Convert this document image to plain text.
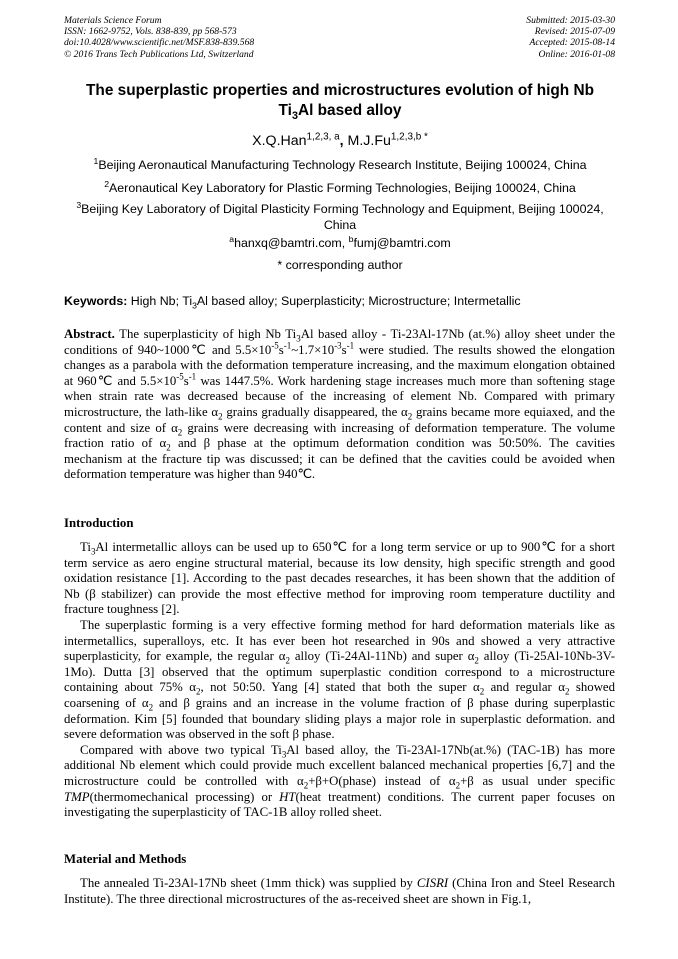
Materials Science Forum
ISSN: 1662-9752, Vols. 838-839, pp 568-573
doi:10.4028/www.scientific.net/MSF.838-839.568
© 2016 Trans Tech Publications Ltd, Switzerland
Submitted: 2015-03-30
Revised: 2015-07-09
Accepted: 2015-08-14
Online: 2016-01-08
The superplastic properties and microstructures evolution of high Nb
$Ti_3Al$ based alloy
X.Q.Han$^{1,2,3, a}$, $M.J.Fu^{1,2,3,b *}$
$^1$Beijing Aeronautical Manufacturing Technology Research Institute, Beijing 100024, China
$^2$Aeronautical Key Laboratory for Plastic Forming Technologies, Beijing 100024, China
$^3$Beijing Key Laboratory of Digital Plasticity Forming Technology and Equipment, Beijing 100024, China
$^a$hanxq@bamtri.com, $^b$fumj@bamtri.com
* corresponding author
Keywords: High Nb; $Ti_3Al$ based alloy; Superplasticity; Microstructure; Intermetallic
Abstract. The superplasticity of high Nb $Ti_3Al$ based alloy - Ti-23Al-17Nb (at.%) alloy sheet under the conditions of 940~1000℃ and $5.5\times 10^{-5}s^{-1}\sim 1.7\times 10^{-3}s^{-1}$ were studied. The results showed the elongation changes as a parabola with the deformation temperature increasing, and the maximum elongation obtained at 960℃ and $5.5\times 10^{-5}s^{-1}$ was 1447.5%. Work hardening stage increases much more than softening stage when strain rate was decreased because of the increasing of element Nb. Compared with primary microstructure, the lath-like $\alpha_2$ grains gradually disappeared, the $\alpha_2$ grains became more equiaxed, and the content and size of $\alpha_2$ grains were decreasing with increasing of deformation temperature. The volume fraction ratio of $\alpha_2$ and β phase at the optimum deformation condition was 50:50%. The cavities mechanism at the fracture tip was discussed; it can be defined that the cavities could be avoided when deformation temperature was higher than 940℃.
Introduction

$Ti_3Al$ intermetallic alloys can be used up to 650℃ for a long term service or up to 900℃ for a short term service as aero engine structural material, because its low density, high specific strength and good oxidation resistance [1]. According to the past decades researches, it has been shown that the addition of Nb (β stabilizer) can provide the most effective method for improving room temperature ductility and fracture toughness [2].

The superplastic forming is a very effective forming method for hard deformation materials like as intermetallics, superalloys, etc. It has ever been hot researched in 90s and showed a very attractive superplasticity, for example, the regular $\alpha_2$ alloy (Ti-24Al-11Nb) and super $\alpha_2$ alloy (Ti-25Al-10Nb-3V-1Mo). Dutta [3] observed that the optimum superplastic condition correspond to a microstructure containing about 75% $\alpha_2$, not 50:50. Yang [4] stated that both the super $\alpha_2$ and regular $\alpha_2$ showed coarsening of $\alpha_2$ and β grains and an increase in the volume fraction of β phase during superplastic deformation. Kim [5] founded that boundary sliding plays a major role in superplastic deformation. and severe deformation was observed in the soft β phase.

Compared with above two typical $Ti_3Al$ based alloy, the Ti-23Al-17Nb(at.%) (TAC-1B) has more additional Nb element which could provide much excellent balanced mechanical properties [6,7] and the microstructure could be controlled with $\alpha_2+\beta+O(phase)$ instead of $\alpha_2+\beta$ as usual under specific TMP(thermomechanical processing) or HT(heat treatment) conditions. The current paper focuses on investigating the superplasticity of TAC-1B alloy rolled sheet.

Material and Methods

The annealed Ti-23Al-17Nb sheet (1mm thick) was supplied by CISRI (China Iron and Steel Research Institute). The three directional microstructures of the as-received sheet are shown in Fig.1,
